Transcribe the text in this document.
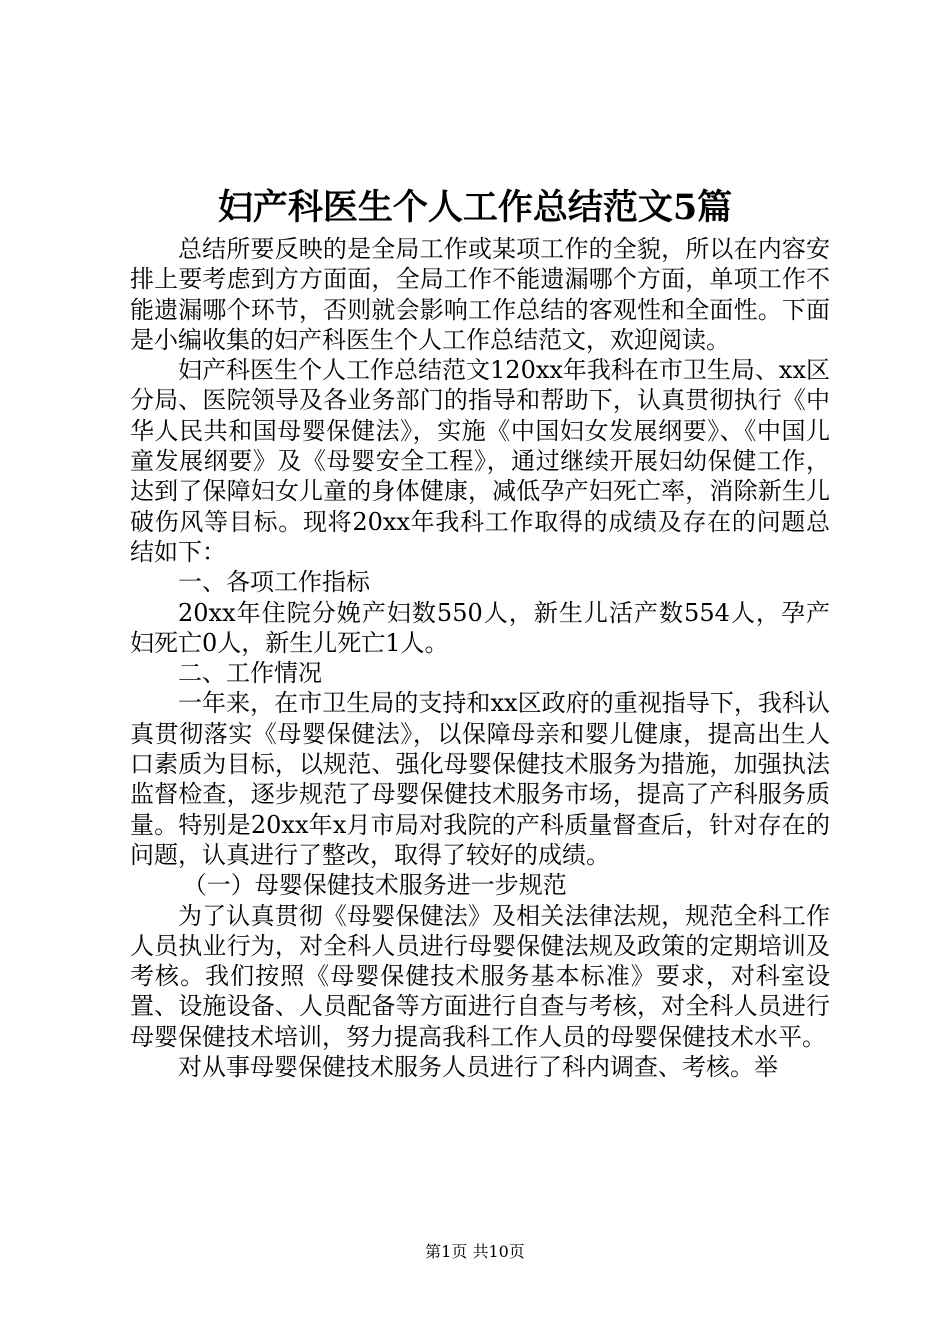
妇产科医生个人工作总结范文5篇

总结所要反映的是全局工作或某项工作的全貌，所以在内容安排上要考虑到方方面面，全局工作不能遗漏哪个方面，单项工作不能遗漏哪个环节，否则就会影响工作总结的客观性和全面性。下面是小编收集的妇产科医生个人工作总结范文，欢迎阅读。

妇产科医生个人工作总结范文120xx年我科在市卫生局、xx区分局、医院领导及各业务部门的指导和帮助下，认真贯彻执行《中华人民共和国母婴保健法》，实施《中国妇女发展纲要》、《中国儿童发展纲要》及《母婴安全工程》，通过继续开展妇幼保健工作，达到了保障妇女儿童的身体健康，减低孕产妇死亡率，消除新生儿破伤风等目标。现将20xx年我科工作取得的成绩及存在的问题总结如下：

一、各项工作指标

20xx年住院分娩产妇数550人，新生儿活产数554人，孕产妇死亡0人，新生儿死亡1人。

二、工作情况

一年来，在市卫生局的支持和xx区政府的重视指导下，我科认真贯彻落实《母婴保健法》，以保障母亲和婴儿健康，提高出生人口素质为目标，以规范、强化母婴保健技术服务为措施，加强执法监督检查，逐步规范了母婴保健技术服务市场，提高了产科服务质量。特别是20xx年x月市局对我院的产科质量督查后，针对存在的问题，认真进行了整改，取得了较好的成绩。

（一）母婴保健技术服务进一步规范

为了认真贯彻《母婴保健法》及相关法律法规，规范全科工作人员执业行为，对全科人员进行母婴保健法规及政策的定期培训及考核。我们按照《母婴保健技术服务基本标准》要求，对科室设置、设施设备、人员配备等方面进行自查与考核，对全科人员进行母婴保健技术培训，努力提高我科工作人员的母婴保健技术水平。

对从事母婴保健技术服务人员进行了科内调查、考核。举

第1页 共10页
